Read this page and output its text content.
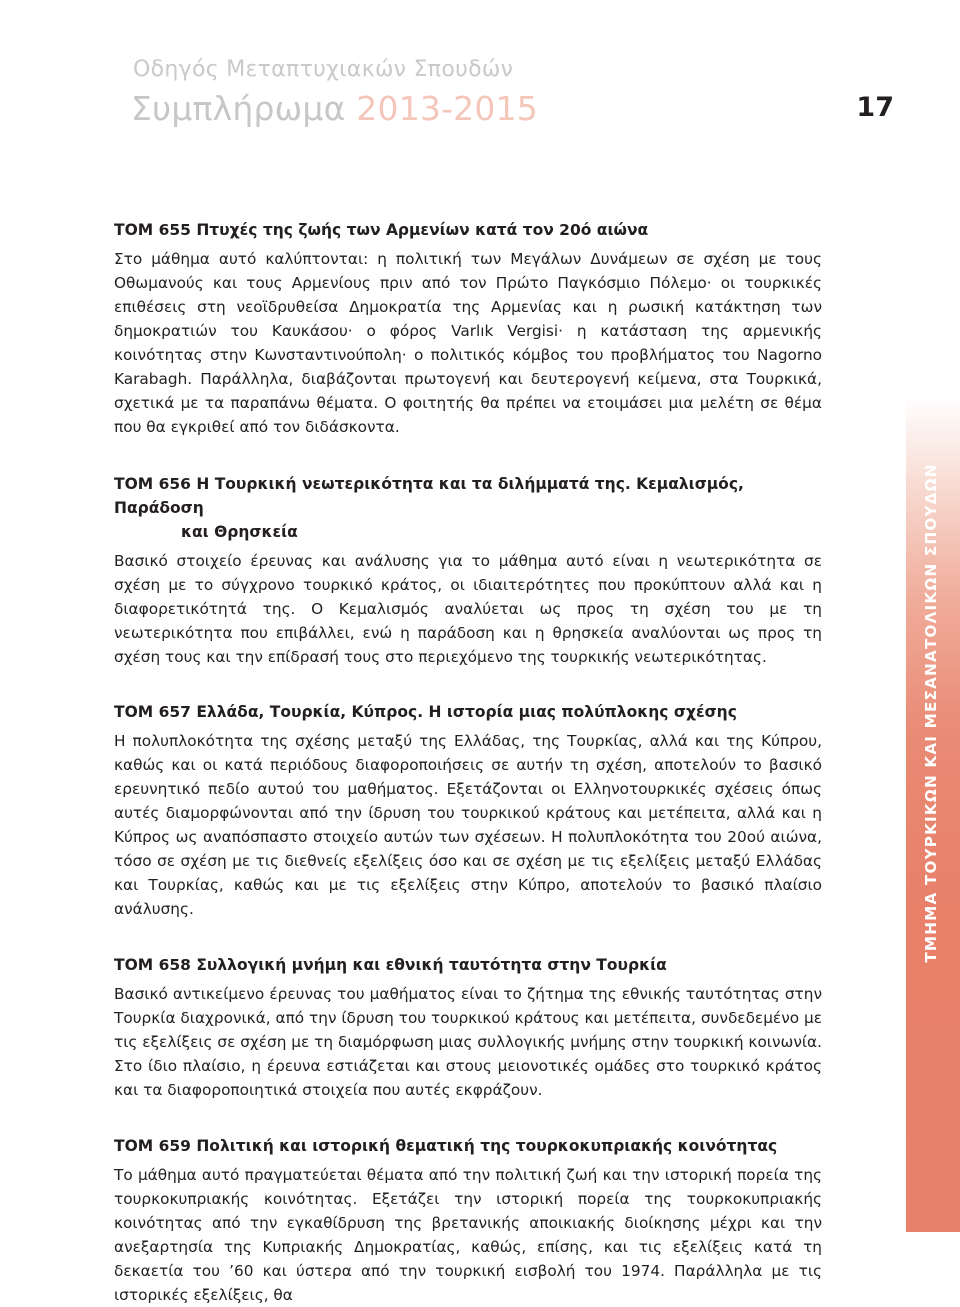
Οδηγός Μεταπτυχιακών Σπουδών
Συμπλήρωμα 2013-2015	17
ΤΜΗΜΑ ΤΟΥΡΚΙΚΩΝ ΚΑΙ ΜΕΣΑΝΑΤΟΛΙΚΩΝ ΣΠΟΥΔΩΝ
ΤΟΜ 655 Πτυχές της ζωής των Αρμενίων κατά τον 20ό αιώνα

Στο μάθημα αυτό καλύπτονται: η πολιτική των Μεγάλων Δυνάμεων σε σχέση με τους Οθωμανούς και τους Αρμενίους πριν από τον Πρώτο Παγκόσμιο Πόλεμο· οι τουρκικές επιθέσεις στη νεοϊδρυθείσα Δημοκρατία της Αρμενίας και η ρωσική κατάκτηση των δημοκρατιών του Καυκάσου· ο φόρος Varlık Vergisi· η κατάσταση της αρμενικής κοινότητας στην Κωνσταντινούπολη· ο πολιτικός κόμβος του προβλήματος του Nagorno Karabagh. Παράλληλα, διαβάζονται πρωτογενή και δευτερογενή κείμενα, στα Τουρκικά, σχετικά με τα παραπάνω θέματα. Ο φοιτητής θα πρέπει να ετοιμάσει μια μελέτη σε θέμα που θα εγκριθεί από τον διδάσκοντα.

ΤΟΜ 656 Η Τουρκική νεωτερικότητα και τα διλήμματά της. Κεμαλισμός, Παράδοση
και Θρησκεία

Βασικό στοιχείο έρευνας και ανάλυσης για το μάθημα αυτό είναι η νεωτερικότητα σε σχέση με το σύγχρονο τουρκικό κράτος, οι ιδιαιτερότητες που προκύπτουν αλλά και η διαφορετικότητά της. Ο Κεμαλισμός αναλύεται ως προς τη σχέση του με τη νεωτερικότητα που επιβάλλει, ενώ η παράδοση και η θρησκεία αναλύονται ως προς τη σχέση τους και την επίδρασή τους στο περιεχόμενο της τουρκικής νεωτερικότητας.

ΤΟΜ 657 Ελλάδα, Τουρκία, Κύπρος. Η ιστορία μιας πολύπλοκης σχέσης

Η πολυπλοκότητα της σχέσης μεταξύ της Ελλάδας, της Τουρκίας, αλλά και της Κύπρου, καθώς και οι κατά περιόδους διαφοροποιήσεις σε αυτήν τη σχέση, αποτελούν το βασικό ερευνητικό πεδίο αυτού του μαθήματος. Εξετάζονται οι Ελληνοτουρκικές σχέσεις όπως αυτές διαμορφώνονται από την ίδρυση του τουρκικού κράτους και μετέπειτα, αλλά και η Κύπρος ως αναπόσπαστο στοιχείο αυτών των σχέσεων. Η πολυπλοκότητα του 20ού αιώνα, τόσο σε σχέση με τις διεθνείς εξελίξεις όσο και σε σχέση με τις εξελίξεις μεταξύ Ελλάδας και Τουρκίας, καθώς και με τις εξελίξεις στην Κύπρο, αποτελούν το βασικό πλαίσιο ανάλυσης.

ΤΟΜ 658 Συλλογική μνήμη και εθνική ταυτότητα στην Τουρκία

Βασικό αντικείμενο έρευνας του μαθήματος είναι το ζήτημα της εθνικής ταυτότητας στην Τουρκία διαχρονικά, από την ίδρυση του τουρκικού κράτους και μετέπειτα, συνδεδεμένο με τις εξελίξεις σε σχέση με τη διαμόρφωση μιας συλλογικής μνήμης στην τουρκική κοινωνία. Στο ίδιο πλαίσιο, η έρευνα εστιάζεται και στους μειονοτικές ομάδες στο τουρκικό κράτος και τα διαφοροποιητικά στοιχεία που αυτές εκφράζουν.

ΤΟΜ 659 Πολιτική και ιστορική θεματική της τουρκοκυπριακής κοινότητας

Το μάθημα αυτό πραγματεύεται θέματα από την πολιτική ζωή και την ιστορική πορεία της τουρκοκυπριακής κοινότητας. Εξετάζει την ιστορική πορεία της τουρκοκυπριακής κοινότητας από την εγκαθίδρυση της βρετανικής αποικιακής διοίκησης μέχρι και την ανεξαρτησία της Κυπριακής Δημοκρατίας, καθώς, επίσης, και τις εξελίξεις κατά τη δεκαετία του ’60 και ύστερα από την τουρκική εισβολή του 1974. Παράλληλα με τις ιστορικές εξελίξεις, θα
